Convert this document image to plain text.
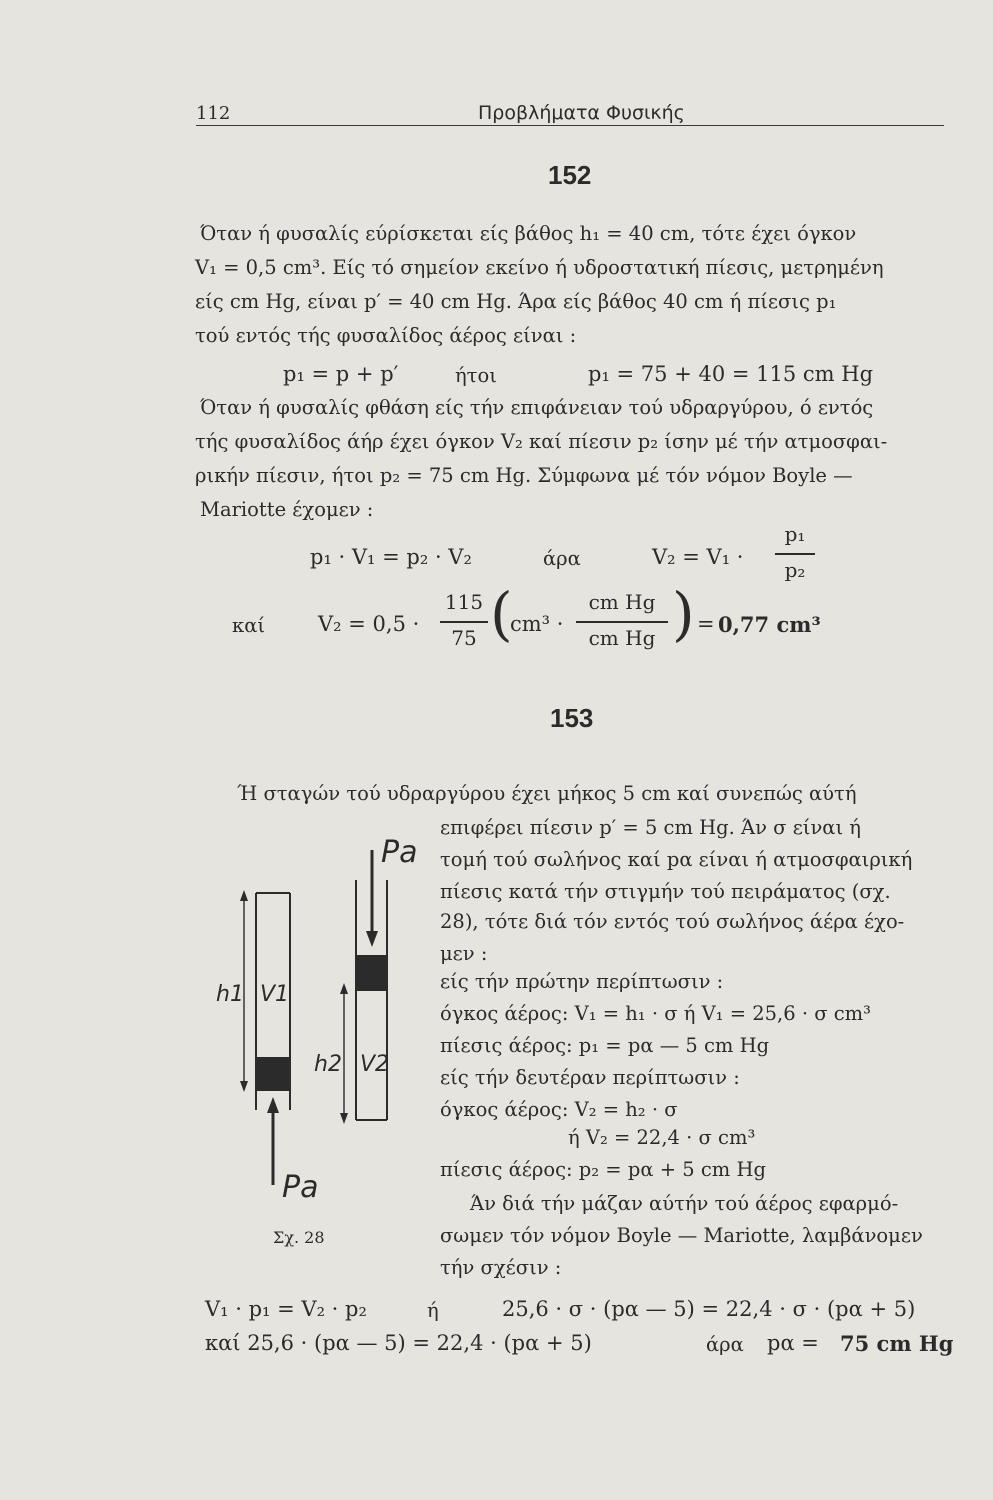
112	Προβλήματα Φυσικής
152
Όταν ή φυσαλίς εύρίσκεται είς βάθος h₁ = 40 cm, τότε έχει όγκον
V₁ = 0,5 cm³. Είς τό σημείον εκείνο ή υδροστατική πίεσις, μετρημένη
είς cm Hg, είναι p′ = 40 cm Hg. Άρα είς βάθος 40 cm ή πίεσις p₁
τού εντός τής φυσαλίδος άέρος είναι :
p₁ = p + p′	ήτοι	p₁ = 75 + 40 = 115 cm Hg
Όταν ή φυσαλίς φθάση είς τήν επιφάνειαν τού υδραργύρου, ό εντός
τής φυσαλίδος άήρ έχει όγκον V₂ καί πίεσιν p₂ ίσην μέ τήν ατμοσφαι-
ρικήν πίεσιν, ήτοι p₂ = 75 cm Hg. Σύμφωνα μέ τόν νόμον Boyle —
Mariotte έχομεν :
p₁ · V₁ = p₂ · V₂	άρα	V₂ = V₁ ·
p₁
p₂
καί	V₂ = 0,5 ·
115
75 (
cm³ ·
cm Hg
cm Hg ) = 0,77 cm³
153
Ή σταγών τού υδραργύρου έχει μήκος 5 cm καί συνεπώς αύτή
επιφέρει πίεσιν p′ = 5 cm Hg. Άν σ είναι ή
τομή τού σωλήνος καί pα είναι ή ατμοσφαιρική
πίεσις κατά τήν στιγμήν τού πειράματος (σχ.
28), τότε διά τόν εντός τού σωλήνος άέρα έχο-
μεν :
είς τήν πρώτην περίπτωσιν :
όγκος άέρος: V₁ = h₁ · σ ή V₁ = 25,6 · σ cm³
πίεσις άέρος: p₁ = pα — 5 cm Hg
είς τήν δευτέραν περίπτωσιν :
όγκος άέρος: V₂ = h₂ · σ
ή V₂ = 22,4 · σ cm³
πίεσις άέρος: p₂ = pα + 5 cm Hg
Άν διά τήν μάζαν αύτήν τού άέρος εφαρμό-
σωμεν τόν νόμον Boyle — Mariotte, λαμβάνομεν
τήν σχέσιν :
Pa
Pa
h1 V1
h2 V2
Σχ. 28
V₁ · p₁ = V₂ · p₂	ή	25,6 · σ · (pα — 5) = 22,4 · σ · (pα + 5)
καί 25,6 · (pα — 5) = 22,4 · (pα + 5)	άρα pα = 75 cm Hg
